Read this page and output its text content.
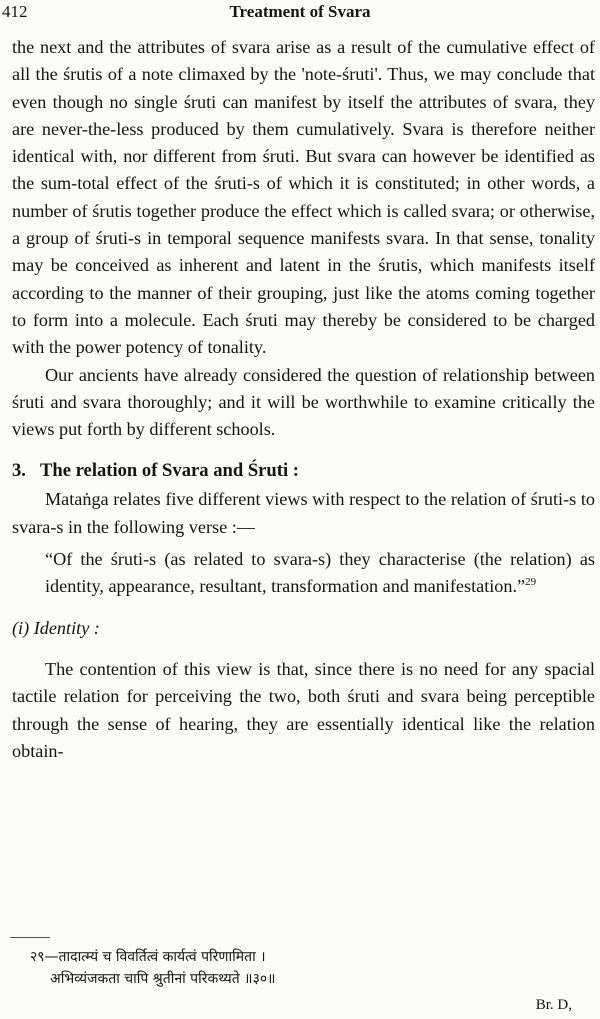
412	Treatment of Svara

the next and the attributes of svara arise as a result of the cumulative effect of all the śrutis of a note climaxed by the 'note-śruti'. Thus, we may conclude that even though no single śruti can manifest by itself the attributes of svara, they are never-the-less produced by them cumulatively. Svara is therefore neither identical with, nor different from śruti. But svara can however be identified as the sum-total effect of the śruti-s of which it is constituted; in other words, a number of śrutis together produce the effect which is called svara; or otherwise, a group of śruti-s in temporal sequence manifests svara. In that sense, tonality may be conceived as inherent and latent in the śrutis, which manifests itself according to the manner of their grouping, just like the atoms coming together to form into a molecule. Each śruti may thereby be considered to be charged with the power potency of tonality.

Our ancients have already considered the question of relationship between śruti and svara thoroughly; and it will be worthwhile to examine critically the views put forth by different schools.

3. The relation of Svara and Śruti :

Mataṅga relates five different views with respect to the relation of śruti-s to svara-s in the following verse :—

“Of the śruti-s (as related to svara-s) they characterise (the relation) as identity, appearance, resultant, transformation and manifestation.”$^{29}$

(i) Identity :

The contention of this view is that, since there is no need for any spacial tactile relation for perceiving the two, both śruti and svara being perceptible through the sense of hearing, they are essentially identical like the relation obtain-

२९—तादात्म्यं च विवर्तित्वं कार्यत्वं परिणामिता ।
अभिव्यंजकता चापि श्रुतीनां परिकथ्यते ॥३०॥
Br. D,
